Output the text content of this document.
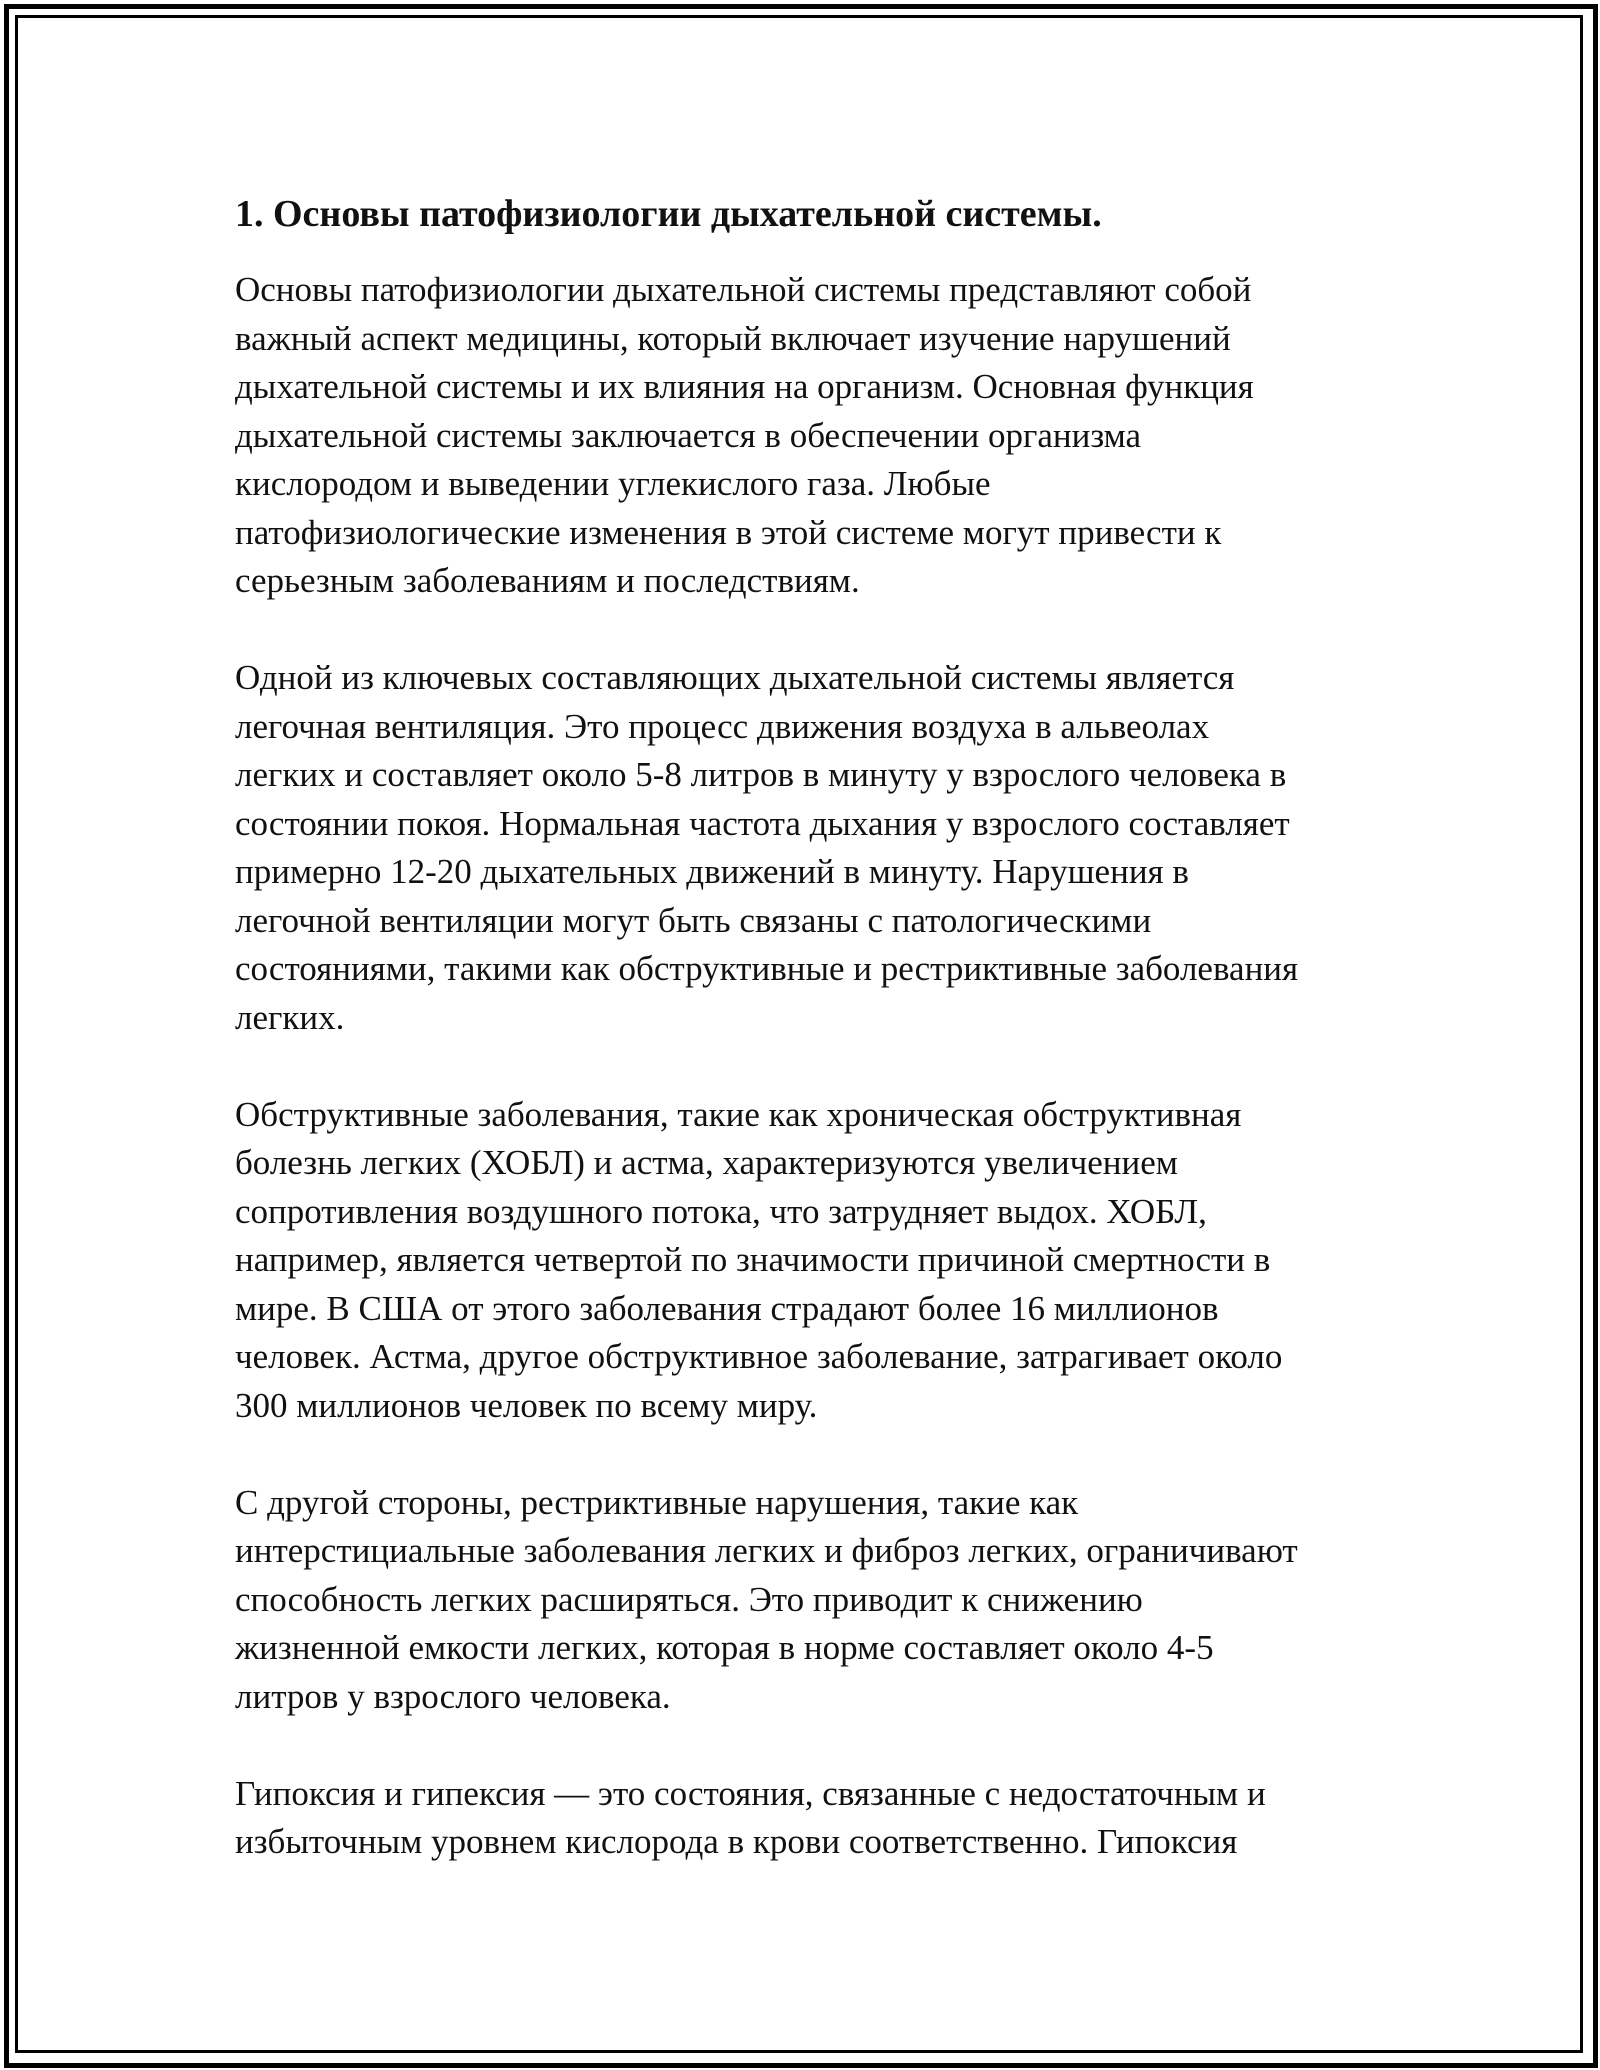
1. Основы патофизиологии дыхательной системы.
Основы патофизиологии дыхательной системы представляют собой
важный аспект медицины, который включает изучение нарушений
дыхательной системы и их влияния на организм. Основная функция
дыхательной системы заключается в обеспечении организма
кислородом и выведении углекислого газа. Любые
патофизиологические изменения в этой системе могут привести к
серьезным заболеваниям и последствиям.
Одной из ключевых составляющих дыхательной системы является
легочная вентиляция. Это процесс движения воздуха в альвеолах
легких и составляет около 5-8 литров в минуту у взрослого человека в
состоянии покоя. Нормальная частота дыхания у взрослого составляет
примерно 12-20 дыхательных движений в минуту. Нарушения в
легочной вентиляции могут быть связаны с патологическими
состояниями, такими как обструктивные и рестриктивные заболевания
легких.
Обструктивные заболевания, такие как хроническая обструктивная
болезнь легких (ХОБЛ) и астма, характеризуются увеличением
сопротивления воздушного потока, что затрудняет выдох. ХОБЛ,
например, является четвертой по значимости причиной смертности в
мире. В США от этого заболевания страдают более 16 миллионов
человек. Астма, другое обструктивное заболевание, затрагивает около
300 миллионов человек по всему миру.
С другой стороны, рестриктивные нарушения, такие как
интерстициальные заболевания легких и фиброз легких, ограничивают
способность легких расширяться. Это приводит к снижению
жизненной емкости легких, которая в норме составляет около 4-5
литров у взрослого человека.
Гипоксия и гипексия — это состояния, связанные с недостаточным и
избыточным уровнем кислорода в крови соответственно. Гипоксия
